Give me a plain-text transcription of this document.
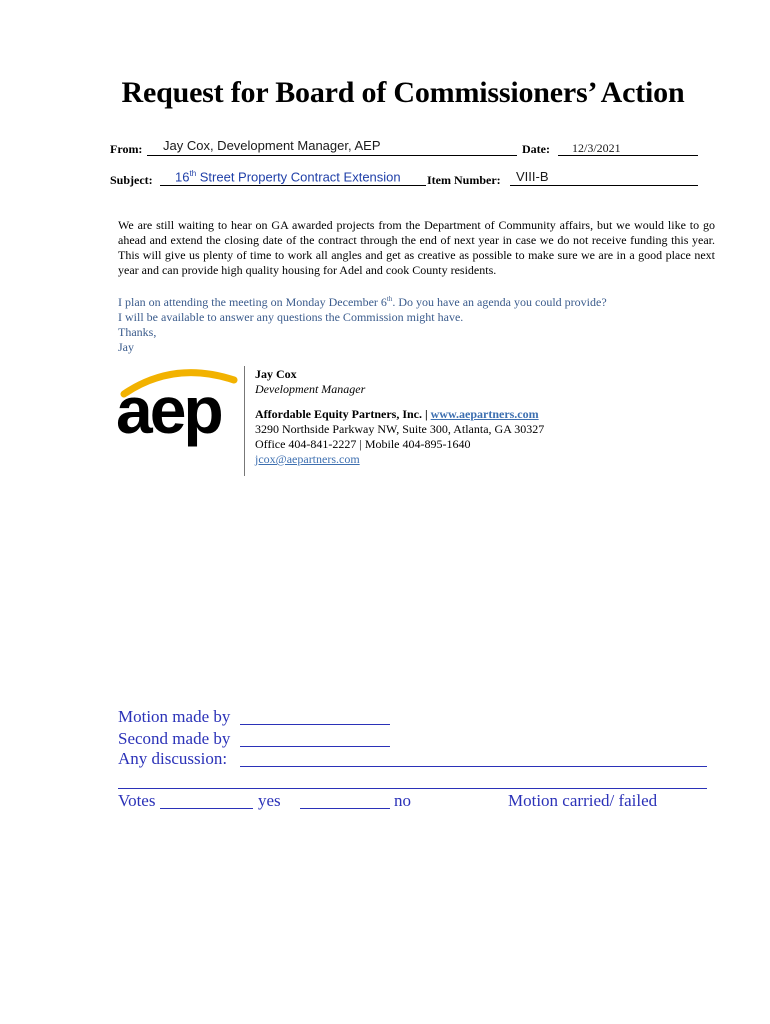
Request for Board of Commissioners’ Action
From: Jay Cox, Development Manager, AEP	Date: 12/3/2021
Subject: 16th Street Property Contract Extension Item Number: VIII-B
We are still waiting to hear on GA awarded projects from the Department of Community affairs, but we would like to go ahead and extend the closing date of the contract through the end of next year in case we do not receive funding this year. This will give us plenty of time to work all angles and get as creative as possible to make sure we are in a good place next year and can provide high quality housing for Adel and cook County residents.
I plan on attending the meeting on Monday December 6th. Do you have an agenda you could provide?
I will be available to answer any questions the Commission might have.
Thanks,
Jay
aep	Jay Cox
Development Manager
Affordable Equity Partners, Inc. | www.aepartners.com
3290 Northside Parkway NW, Suite 300, Atlanta, GA 30327
Office 404-841-2227 | Mobile 404-895-1640
jcox@aepartners.com
Motion made by
Second made by
Any discussion:
Votes	yes	no	Motion carried/ failed
